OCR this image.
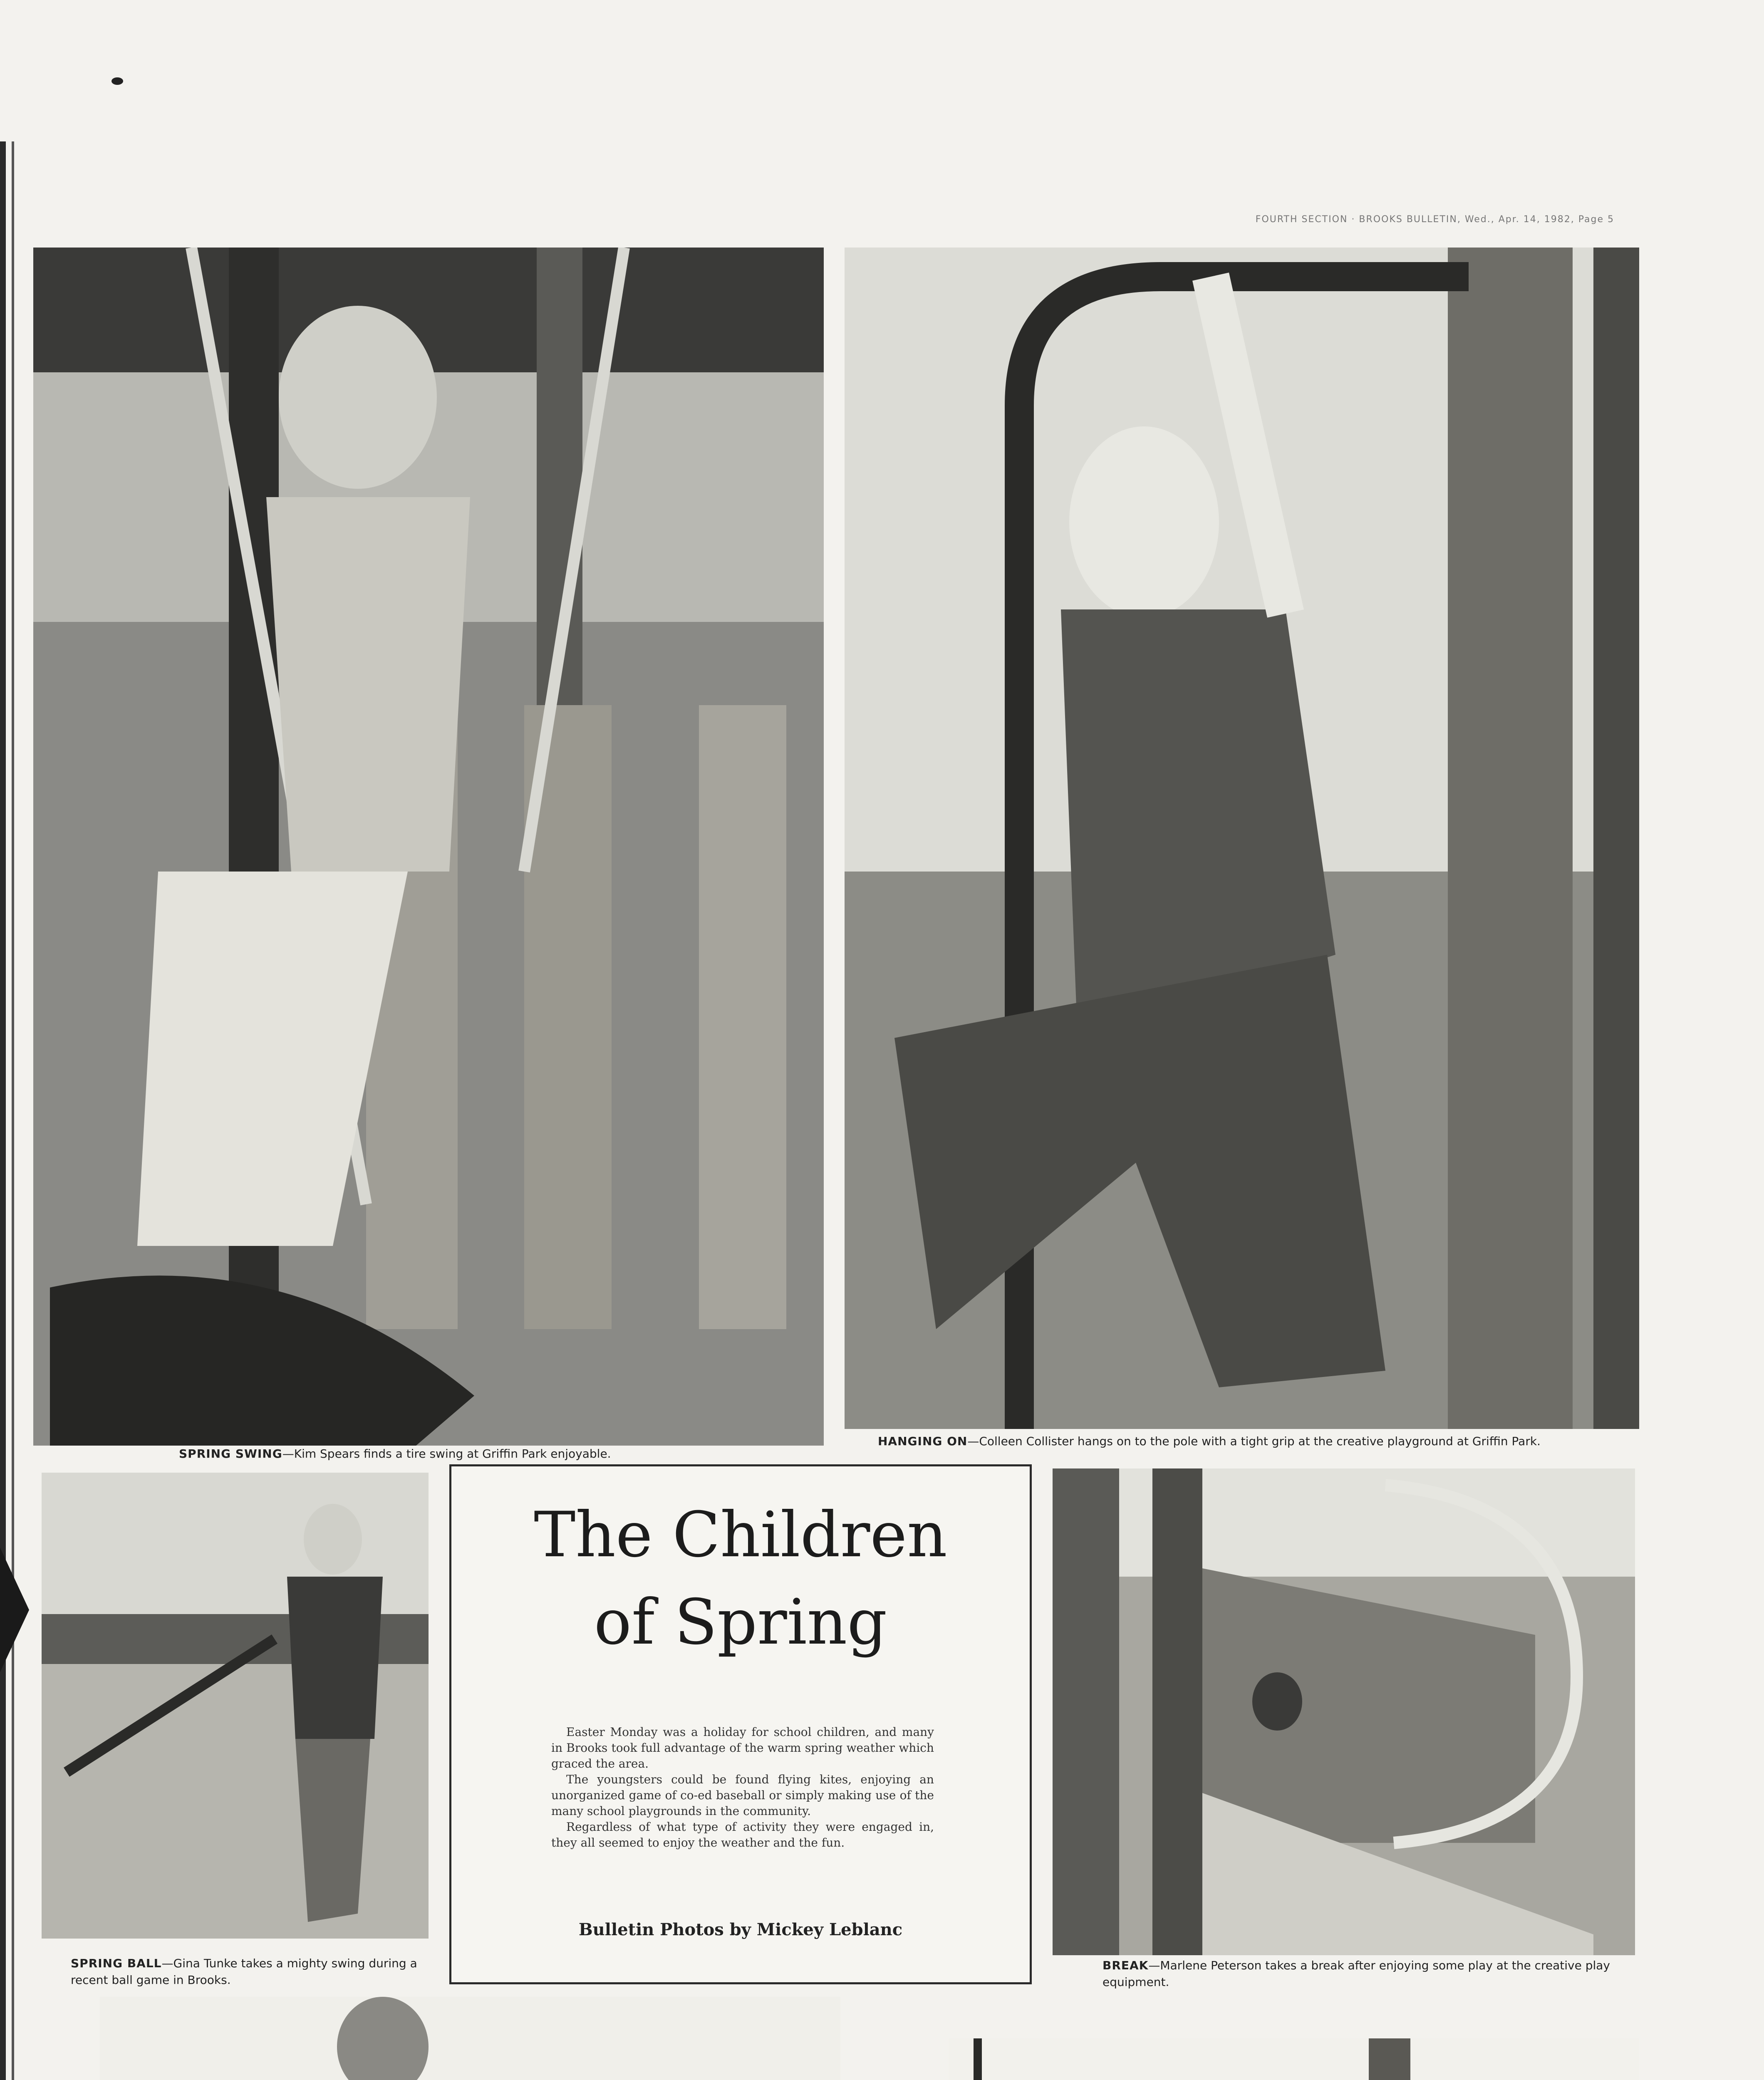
FOURTH SECTION · BROOKS BULLETIN, Wed., Apr. 14, 1982, Page 5
SPRING SWING—Kim Spears finds a tire swing at Griffin Park enjoyable.
HANGING ON—Colleen Collister hangs on to the pole with a tight grip at the creative playground at Griffin Park.
SPRING BALL—Gina Tunke takes a mighty swing during a recent ball game in Brooks.
The Children
of Spring

Easter Monday was a holiday for school children, and many in Brooks took full advantage of the warm spring weather which graced the area.

The youngsters could be found flying kites, enjoying an unorganized game of co-ed baseball or simply making use of the many school playgrounds in the community.

Regardless of what type of activity they were engaged in, they all seemed to enjoy the weather and the fun.

Bulletin Photos by Mickey Leblanc
BREAK—Marlene Peterson takes a break after enjoying some play at the creative play equipment.
